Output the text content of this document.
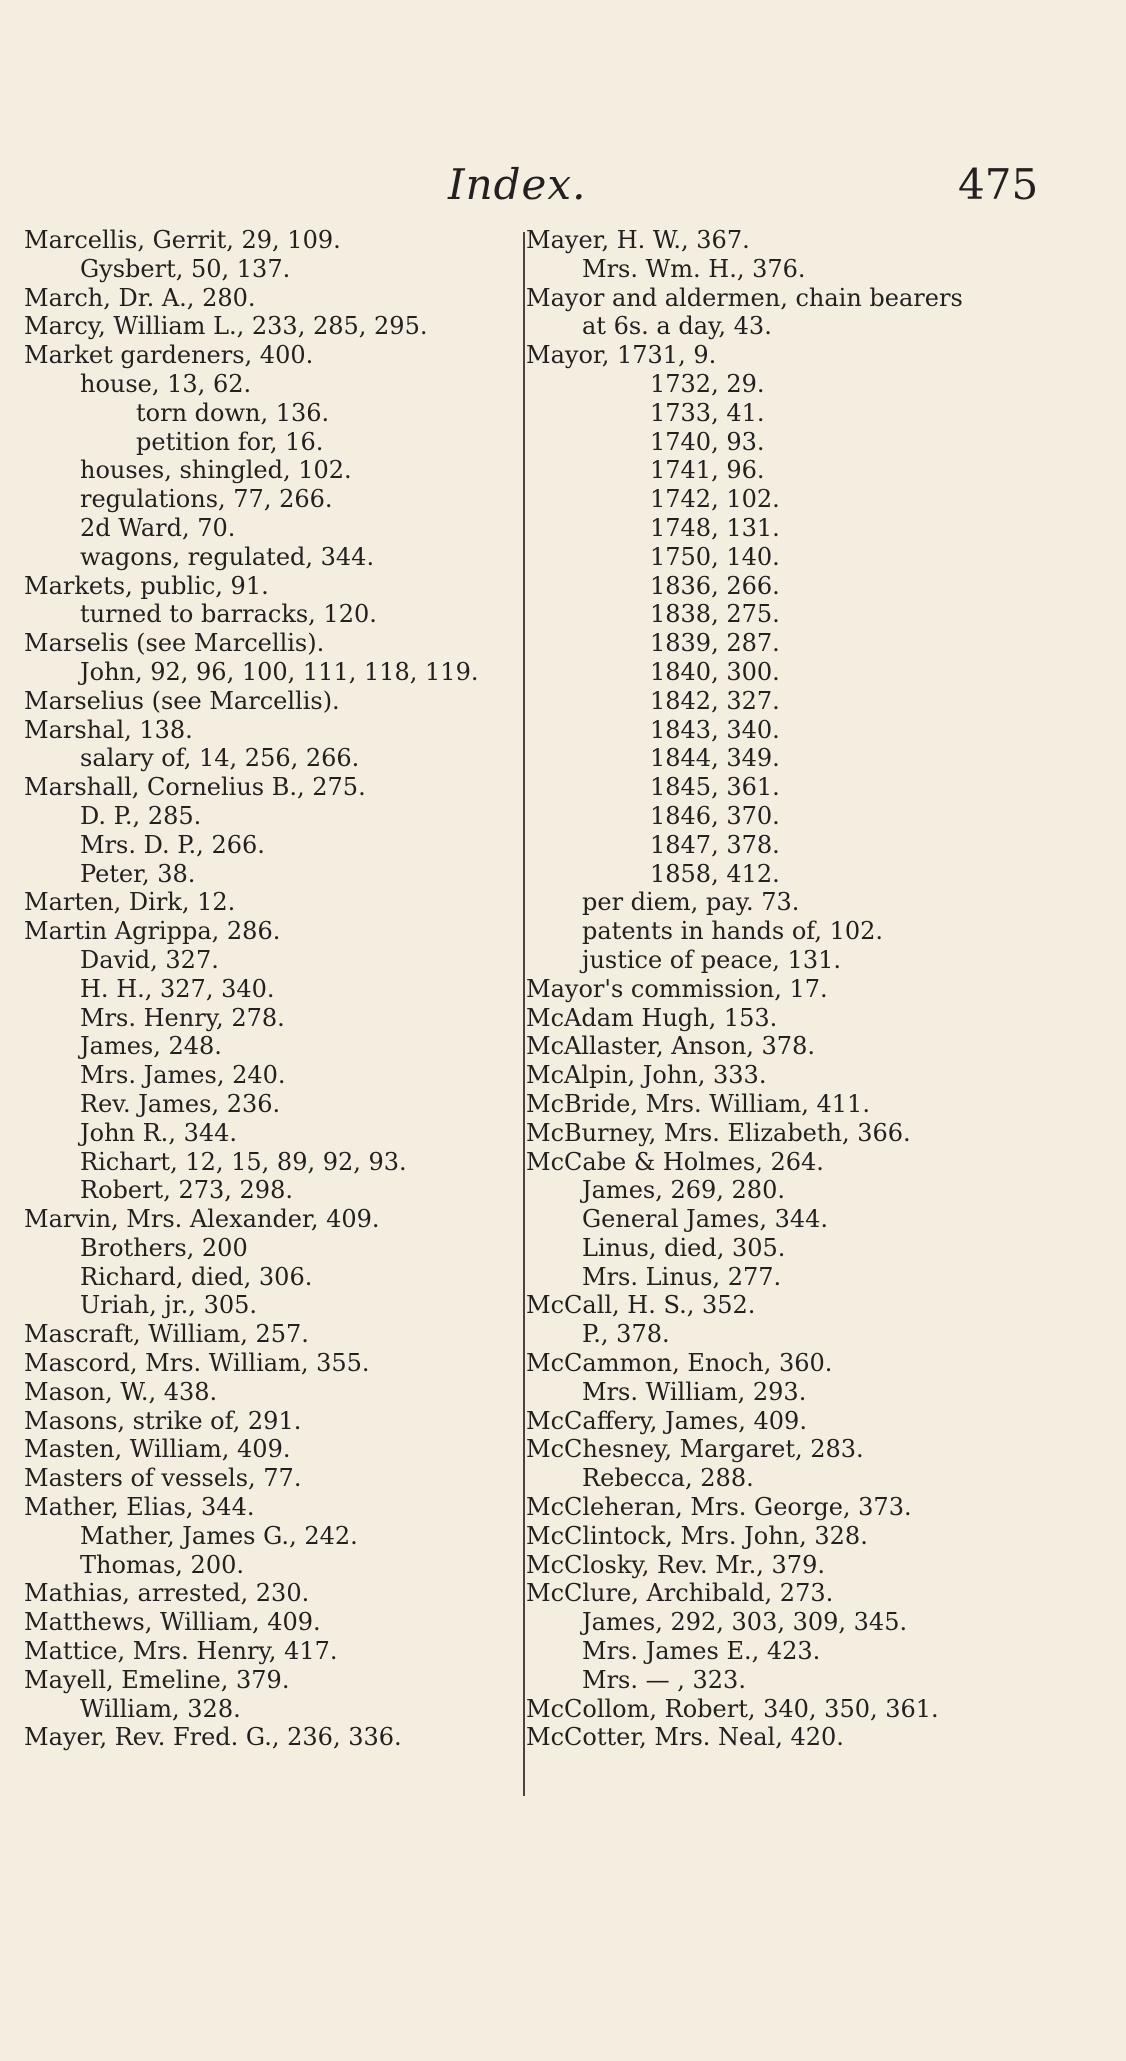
Index.	475
Marcellis, Gerrit, 29, 109.
Gysbert, 50, 137.
March, Dr. A., 280.
Marcy, William L., 233, 285, 295.
Market gardeners, 400.
house, 13, 62.
torn down, 136.
petition for, 16.
houses, shingled, 102.
regulations, 77, 266.
2d Ward, 70.
wagons, regulated, 344.
Markets, public, 91.
turned to barracks, 120.
Marselis (see Marcellis).
John, 92, 96, 100, 111, 118, 119.
Marselius (see Marcellis).
Marshal, 138.
salary of, 14, 256, 266.
Marshall, Cornelius B., 275.
D. P., 285.
Mrs. D. P., 266.
Peter, 38.
Marten, Dirk, 12.
Martin Agrippa, 286.
David, 327.
H. H., 327, 340.
Mrs. Henry, 278.
James, 248.
Mrs. James, 240.
Rev. James, 236.
John R., 344.
Richart, 12, 15, 89, 92, 93.
Robert, 273, 298.
Marvin, Mrs. Alexander, 409.
Brothers, 200
Richard, died, 306.
Uriah, jr., 305.
Mascraft, William, 257.
Mascord, Mrs. William, 355.
Mason, W., 438.
Masons, strike of, 291.
Masten, William, 409.
Masters of vessels, 77.
Mather, Elias, 344.
Mather, James G., 242.
Thomas, 200.
Mathias, arrested, 230.
Matthews, William, 409.
Mattice, Mrs. Henry, 417.
Mayell, Emeline, 379.
William, 328.
Mayer, Rev. Fred. G., 236, 336.
Mayer, H. W., 367.
Mrs. Wm. H., 376.
Mayor and aldermen, chain bearers
at 6s. a day, 43.
Mayor, 1731, 9.
1732, 29.
1733, 41.
1740, 93.
1741, 96.
1742, 102.
1748, 131.
1750, 140.
1836, 266.
1838, 275.
1839, 287.
1840, 300.
1842, 327.
1843, 340.
1844, 349.
1845, 361.
1846, 370.
1847, 378.
1858, 412.
per diem, pay. 73.
patents in hands of, 102.
justice of peace, 131.
Mayor's commission, 17.
McAdam Hugh, 153.
McAllaster, Anson, 378.
McAlpin, John, 333.
McBride, Mrs. William, 411.
McBurney, Mrs. Elizabeth, 366.
McCabe & Holmes, 264.
James, 269, 280.
General James, 344.
Linus, died, 305.
Mrs. Linus, 277.
McCall, H. S., 352.
P., 378.
McCammon, Enoch, 360.
Mrs. William, 293.
McCaffery, James, 409.
McChesney, Margaret, 283.
Rebecca, 288.
McCleheran, Mrs. George, 373.
McClintock, Mrs. John, 328.
McClosky, Rev. Mr., 379.
McClure, Archibald, 273.
James, 292, 303, 309, 345.
Mrs. James E., 423.
Mrs. — , 323.
McCollom, Robert, 340, 350, 361.
McCotter, Mrs. Neal, 420.
